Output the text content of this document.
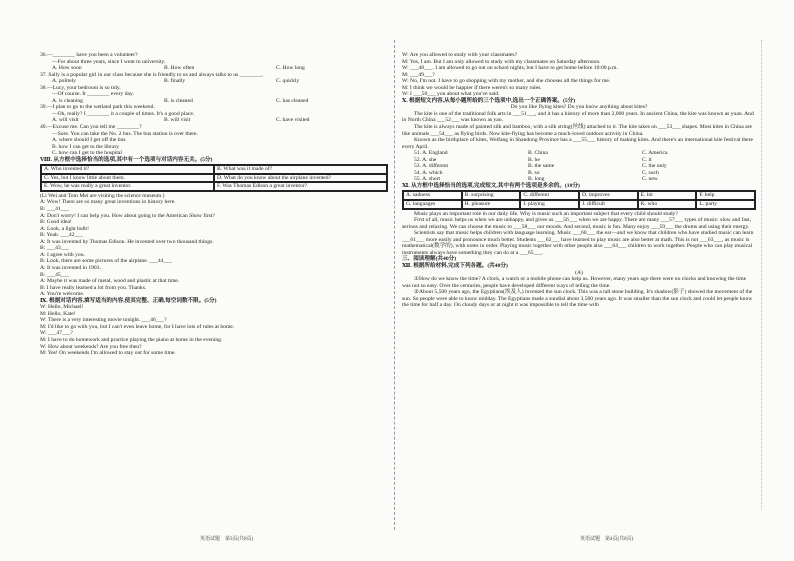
36.—________ have you been a volunteer?
—For about three years, since I went to university.
A. How soon	B. How often	C. How long
37. Sally is a popular girl in our class because she is friendly to us and always talks to us ________.
A. politely	B. finally	C. quickly
38.—Lucy, your bedroom is so tidy.
—Of course. It ________ every day.
A. is cleaning	B. is cleaned	C. has cleaned
39.—I plan to go to the wetland park this weekend.
—Oh, really? I ________ it a couple of times. It's a good place.
A. will visit	B. will visit	C. have visited
40.—Excuse me. Can you tell me ________?
—Sure. You can take the No. 2 bus. The bus station is over there.
A. where should I get off the bus
B. how I can get to the library
C. how can I get to the hospital
Ⅷ. 从方框中选择恰当的选项,其中有一个选项与对话内容无关。(5分)
A. Who invented it?	B. What was it made of?
C. Yes, but I know little about them.	D. What do you know about the airplane invented?
E. Wow, he was really a great inventor.	F. Was Thomas Edison a great inventor?
(Li Wei and Tom Mei are visiting the science museum.)
A: Wow! There are so many great inventions in history here.
B: ___41___
A: Don't worry! I can help you. How about going to the American Show first?
B: Good idea!
A: Look, a light bulb!
B: Yeah. ___42___
A: It was invented by Thomas Edison. He invented over two thousand things.
B: ___43___
A: I agree with you.
B: Look, there are some pictures of the airplane. ___44___
A: It was invented in 1903.
B: ___45___
A: Maybe it was made of metal, wood and plastic at that time.
B: I have really learned a lot from you. Thanks.
A: You're welcome.
Ⅸ. 根据对话内容,填写适当的内容,使其完整、正确,每空词数不限。(5分)
W: Hello, Michael!
M: Hello, Kate!
W: There is a very interesting movie tonight. ___46___?
M: I'd like to go with you, but I can't even leave home, for I have lots of rules at home.
W: ___47___?
M: I have to do homework and practice playing the piano at home in the evening.
W: How about weekends? Are you free then?
M: Yes! On weekends I'm allowed to stay out for some time.
W: Are you allowed to study with your classmates?
M: Yes, I am. But I am only allowed to study with my classmates on Saturday afternoon.
W: ___48___. I am allowed to go out on school nights, but I have to get home before 10:00 p.m.
M: ___49___?
W: No, I'm not. I have to go shopping with my mother, and she chooses all the things for me.
M: I think we would be happier if there weren't so many rules.
W: I ___50___ you about what you've said.
Ⅹ. 根据短文内容,从每小题所给的三个选项中,选出一个正确答案。(5分)
Do you like flying kites? Do you know anything about kites?
The kite is one of the traditional folk arts in ___51___, and it has a history of more than 2,000 years. In ancient China, the kite was known as yuan. And in North China ___52___ was known as yao.
The kite is always made of painted silk and bamboo, with a silk string(丝线) attached to it. The kite takes on ___53___ shapes. Most kites in China are like animals ___54___ as flying birds. Now kite-flying has become a much-loved outdoor activity in China.
Known as the birthplace of kites, Weifang in Shandong Province has a ___55___ history of making kites. And there's an international kite festival there every April.
51. A. England	B. China	C. America
52. A. she	B. he	C. it
53. A. different	B. the same	C. the only
54. A. which	B. so	C. such
55. A. short	B. long	C. new
Ⅺ. 从方框中选择恰当的选项,完成短文,其中有两个选项是多余的。(10分)
A. sadness	B. surprising	C. different	D. improves	E. hit	F. help
G. languages	H. pleasure	I. playing	J. difficult	K. who	L. party
Music plays an important role in our daily life. Why is music such an important subject that every child should study?
First of all, music helps us when we are unhappy, and gives us ___56___ when we are happy. There are many ___57___ types of music: slow and fast, serious and relaxing. We can choose the music to ___58___ our moods. And second, music is fun. Many enjoy ___59___ the drums and using their energy.
Scientists say that music helps children with language learning. Music ___60___ the ear—and we know that children who have studied music can learn ___61___ more easily and pronounce much better. Students ___62___ have learned to play music are also better at math. This is not ___63___, as music is mathematical(数学的), with notes in order. Playing music together with other people also ___64___ children to work together. People who can play musical instruments always have something they can do at a ___65___.
三、阅读理解(共40分)
Ⅻ. 根据所给材料,完成下列各题。(共40分)
(A)
①How do we know the time? A clock, a watch or a mobile phone can help us. However, many years ago there were no clocks and knowing the time was not so easy. Over the centuries, people have developed different ways of telling the time.
②About 5,500 years ago, the Egyptians(埃及人) invented the sun clock. This was a tall stone building. It's shadow(影子) showed the movement of the sun. So people were able to know midday. The Egyptians made a sundial about 3,500 years ago. It was smaller than the sun clock and could let people know the time for half a day. On cloudy days or at night it was impossible to tell the time with
英语试题　第3页(共8页)	英语试题　第4页(共8页)
